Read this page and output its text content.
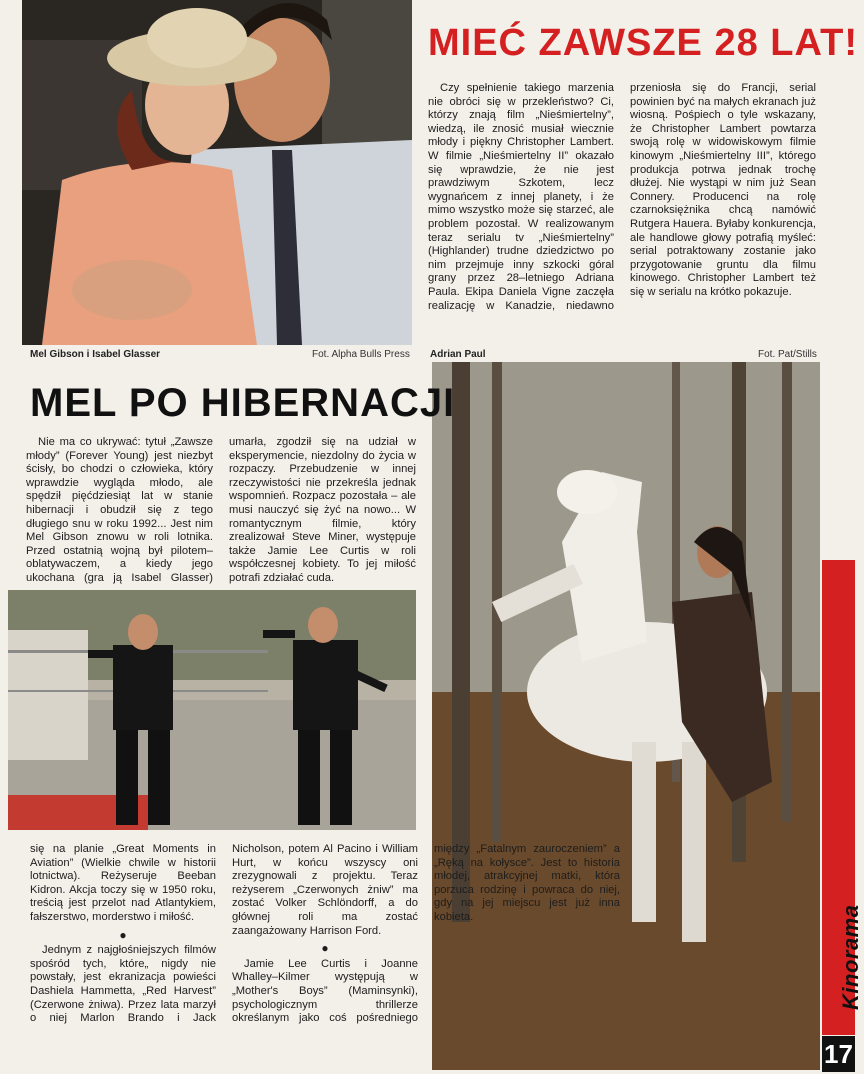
Mel Gibson i Isabel Glasser	Fot. Alpha Bulls Press
MIEĆ ZAWSZE 28 LAT!

Czy spełnienie takiego marzenia nie obróci się w przekleństwo? Ci, którzy znają film „Nieśmiertelny”, wiedzą, ile znosić musiał wiecznie młody i piękny Christopher Lambert. W filmie „Nieśmiertelny II” okazało się wprawdzie, że nie jest prawdziwym Szkotem, lecz wygnańcem z innej planety, i że mimo wszystko może się starzeć, ale problem pozostał. W realizowanym teraz serialu tv „Nieśmiertelny” (Highlander) trudne dziedzictwo po nim przejmuje inny szkocki góral grany przez 28–letniego Adriana Paula. Ekipa Daniela Vigne zaczęła realizację w Kanadzie, niedawno przeniosła się do Francji, serial powinien być na małych ekranach już wiosną. Pośpiech o tyle wskazany, że Christopher Lambert powtarza swoją rolę w widowiskowym filmie kinowym „Nieśmiertelny III”, którego produkcja potrwa jednak trochę dłużej. Nie wystąpi w nim już Sean Connery. Producenci na rolę czarnoksiężnika chcą namówić Rutgera Hauera. Byłaby konkurencja, ale handlowe głowy potrafią myśleć: serial potraktowany zostanie jako przygotowanie gruntu dla filmu kinowego. Christopher Lambert też się w serialu na krótko pokazuje.

Adrian Paul	Fot. Pat/Stills
MEL PO HIBERNACJI

Nie ma co ukrywać: tytuł „Zawsze młody” (Forever Young) jest niezbyt ścisły, bo chodzi o człowieka, który wprawdzie wygląda młodo, ale spędził pięćdziesiąt lat w stanie hibernacji i obudził się z tego długiego snu w roku 1992... Jest nim Mel Gibson znowu w roli lotnika. Przed ostatnią wojną był pilotem–oblatywaczem, a kiedy jego ukochana (gra ją Isabel Glasser) umarła, zgodził się na udział w eksperymencie, niezdolny do życia w rozpaczy. Przebudzenie w innej rzeczywistości nie przekreśla jednak wspomnień. Rozpacz pozostała – ale musi nauczyć się żyć na nowo... W romantycznym filmie, który zrealizował Steve Miner, występuje także Jamie Lee Curtis w roli współczesnej kobiety. To jej miłość potrafi zdziałać cuda.

się na planie „Great Moments in Aviation” (Wielkie chwile w historii lotnictwa). Reżyseruje Beeban Kidron. Akcja toczy się w 1950 roku, treścią jest przelot nad Atlantykiem, fałszerstwo, morderstwo i miłość.

●

Jednym z najgłośniejszych filmów spośród tych, które„ nigdy nie powstały, jest ekranizacja powieści Dashiela Hammetta, „Red Harvest” (Czerwone żniwa). Przez lata marzył o niej Marlon Brando i Jack Nicholson, potem Al Pacino i William Hurt, w końcu wszyscy oni zrezygnowali z projektu. Teraz reżyserem „Czerwonych żniw” ma zostać Volker Schlöndorff, a do głównej roli ma zostać zaangażowany Harrison Ford.

●

Jamie Lee Curtis i Joanne Whalley–Kilmer występują w „Mother's Boys” (Maminsynki), psychologicznym thrillerze określanym jako coś pośredniego między „Fatalnym zauroczeniem” a „Ręką na kołysce”. Jest to historia młodej, atrakcyjnej matki, która porzuca rodzinę i powraca do niej, gdy na jej miejscu jest już inna kobieta.	Kinorama
17
